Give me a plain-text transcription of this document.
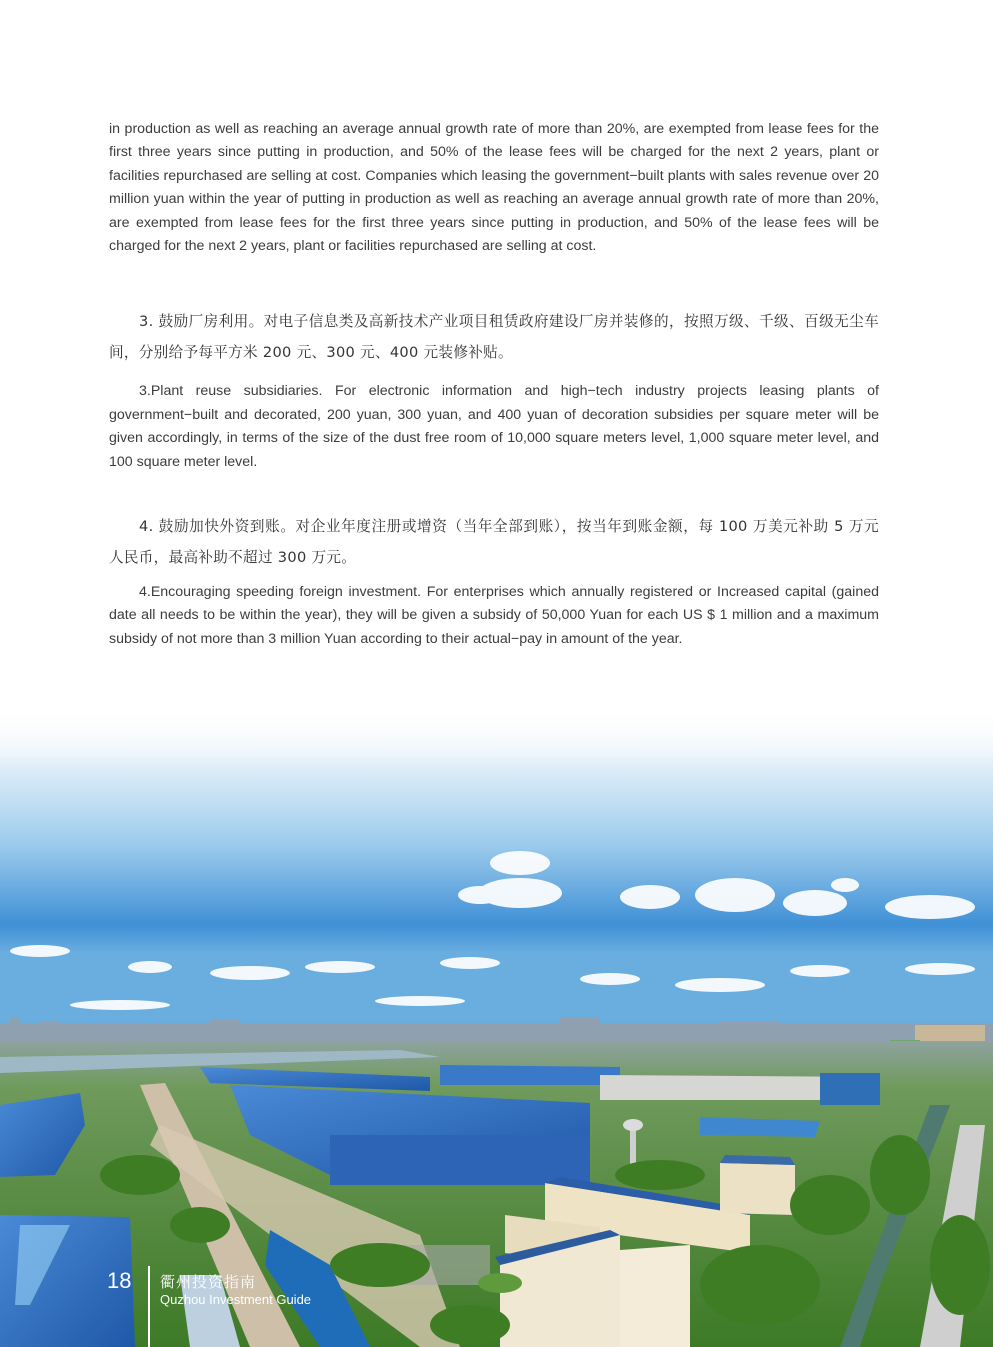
in production as well as reaching an average annual growth rate of more than 20%, are exempted from lease fees for the first three years since putting in production, and 50% of the lease fees will be charged for the next 2 years, plant or facilities repurchased are selling at cost. Companies which leasing the government−built plants with sales revenue over 20 million yuan within the year of putting in production as well as reaching an average annual growth rate of more than 20%, are exempted from lease fees for the first three years since putting in production, and 50% of the lease fees will be charged for the next 2 years, plant or facilities repurchased are selling at cost.

3. 鼓励厂房利用。对电子信息类及高新技术产业项目租赁政府建设厂房并装修的，按照万级、千级、百级无尘车间，分别给予每平方米 200 元、300 元、400 元装修补贴。

3.Plant reuse subsidiaries. For electronic information and high−tech industry projects leasing plants of government−built and decorated, 200 yuan, 300 yuan, and 400 yuan of decoration subsidies per square meter will be given accordingly, in terms of the size of the dust free room of 10,000 square meters level, 1,000 square meter level, and 100 square meter level.

4. 鼓励加快外资到账。对企业年度注册或增资（当年全部到账），按当年到账金额，每 100 万美元补助 5 万元人民币，最高补助不超过 300 万元。

4.Encouraging speeding foreign investment. For enterprises which annually registered or Increased capital (gained date all needs to be within the year), they will be given a subsidy of 50,000 Yuan for each US $ 1 million and a maximum subsidy of not more than 3 million Yuan according to their actual−pay in amount of the year.

18 衢州投资指南
Quzhou Investment Guide
